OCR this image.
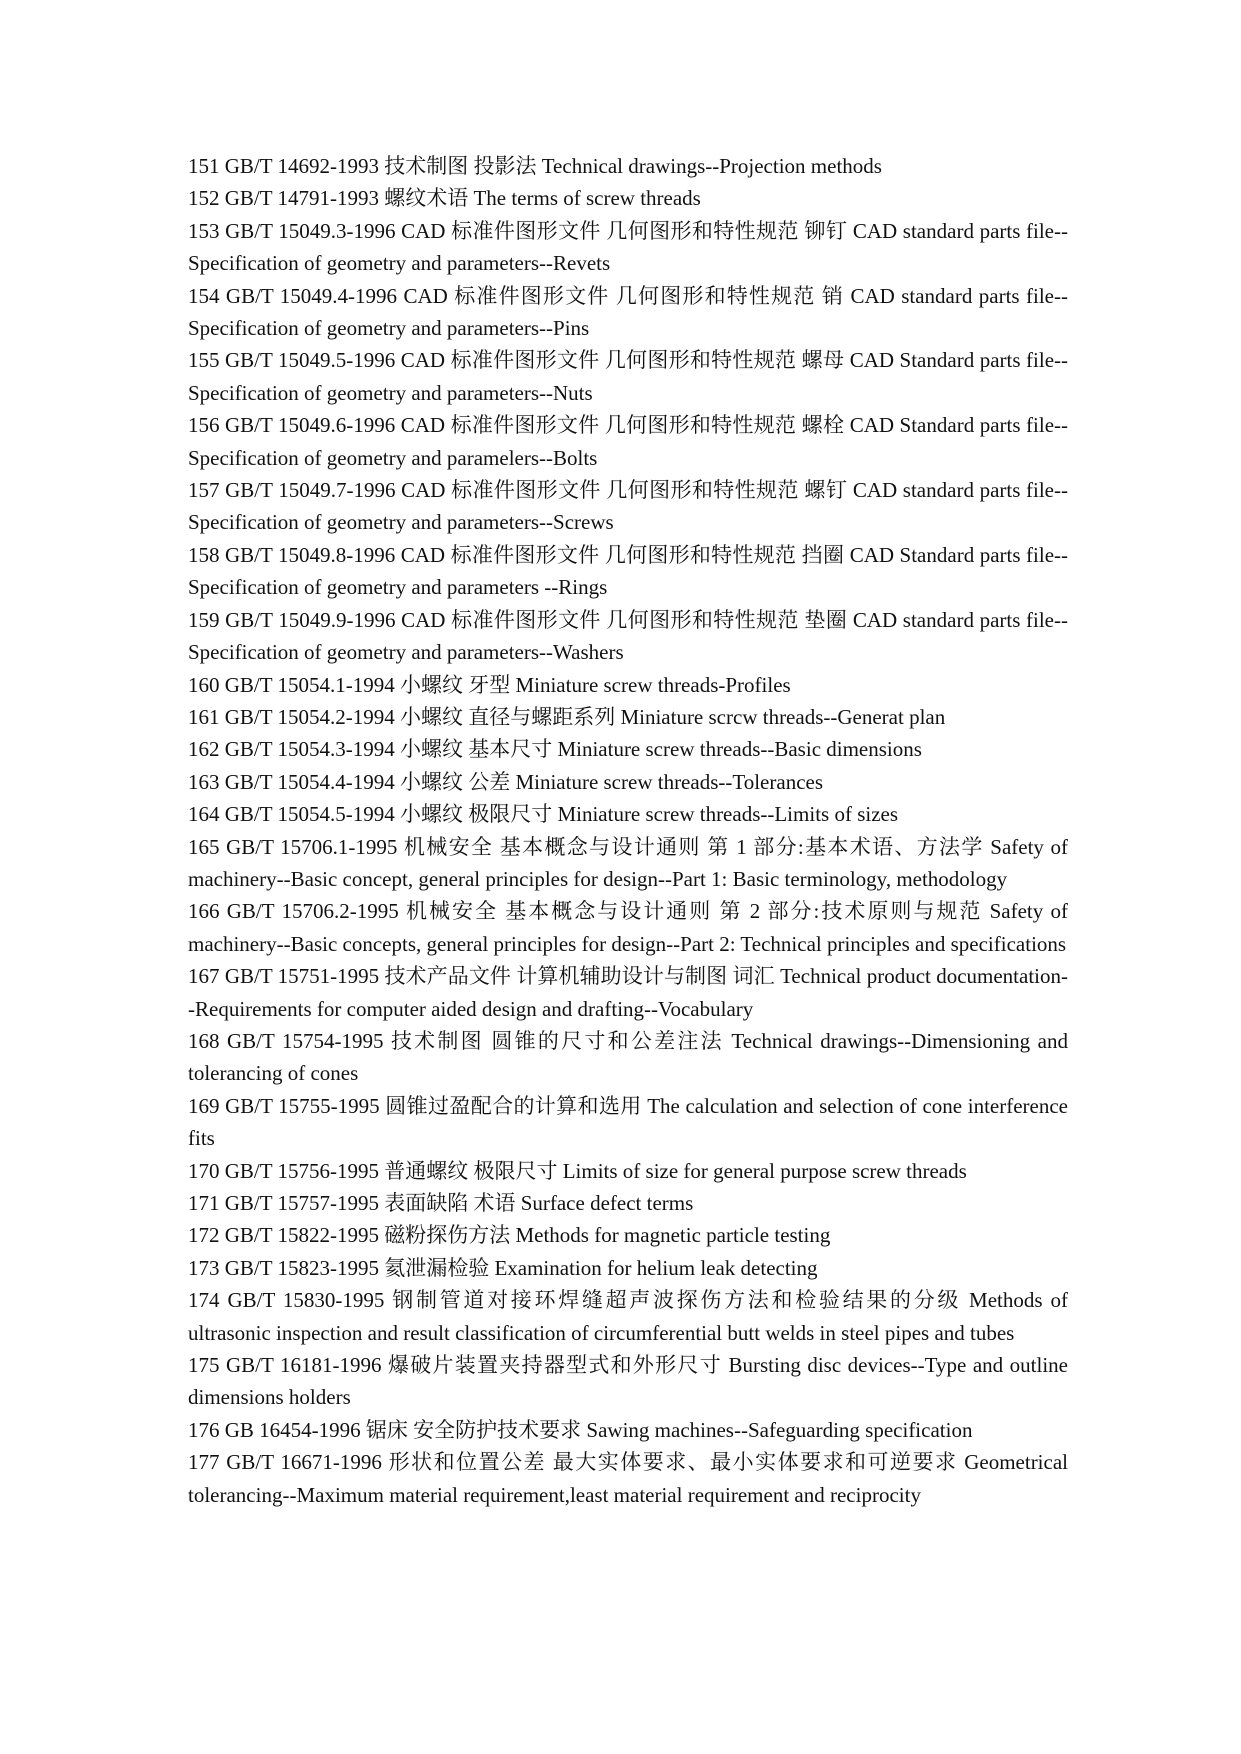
151 GB/T 14692-1993 技术制图 投影法 Technical drawings--Projection methods

152 GB/T 14791-1993 螺纹术语 The terms of screw threads

153 GB/T 15049.3-1996 CAD 标准件图形文件 几何图形和特性规范 铆钉 CAD standard parts file--Specification of geometry and parameters--Revets

154 GB/T 15049.4-1996 CAD 标准件图形文件 几何图形和特性规范 销 CAD standard parts file--Specification of geometry and parameters--Pins

155 GB/T 15049.5-1996 CAD 标准件图形文件 几何图形和特性规范 螺母 CAD Standard parts file--Specification of geometry and parameters--Nuts

156 GB/T 15049.6-1996 CAD 标准件图形文件 几何图形和特性规范 螺栓 CAD Standard parts file--Specification of geometry and paramelers--Bolts

157 GB/T 15049.7-1996 CAD 标准件图形文件 几何图形和特性规范 螺钉 CAD standard parts file--Specification of geometry and parameters--Screws

158 GB/T 15049.8-1996 CAD 标准件图形文件 几何图形和特性规范 挡圈 CAD Standard parts file--Specification of geometry and parameters --Rings

159 GB/T 15049.9-1996 CAD 标准件图形文件 几何图形和特性规范 垫圈 CAD standard parts file--Specification of geometry and parameters--Washers

160 GB/T 15054.1-1994 小螺纹 牙型 Miniature screw threads-Profiles

161 GB/T 15054.2-1994 小螺纹 直径与螺距系列 Miniature scrcw threads--Generat plan

162 GB/T 15054.3-1994 小螺纹 基本尺寸 Miniature screw threads--Basic dimensions

163 GB/T 15054.4-1994 小螺纹 公差 Miniature screw threads--Tolerances

164 GB/T 15054.5-1994 小螺纹 极限尺寸 Miniature screw threads--Limits of sizes

165 GB/T 15706.1-1995 机械安全 基本概念与设计通则 第 1 部分:基本术语、方法学 Safety of machinery--Basic concept, general principles for design--Part 1: Basic terminology, methodology

166 GB/T 15706.2-1995 机械安全 基本概念与设计通则 第 2 部分:技术原则与规范 Safety of machinery--Basic concepts, general principles for design--Part 2: Technical principles and specifications

167 GB/T 15751-1995 技术产品文件 计算机辅助设计与制图 词汇 Technical product documentation--Requirements for computer aided design and drafting--Vocabulary

168 GB/T 15754-1995 技术制图 圆锥的尺寸和公差注法 Technical drawings--Dimensioning and tolerancing of cones

169 GB/T 15755-1995 圆锥过盈配合的计算和选用 The calculation and selection of cone interference fits

170 GB/T 15756-1995 普通螺纹 极限尺寸 Limits of size for general purpose screw threads

171 GB/T 15757-1995 表面缺陷 术语 Surface defect terms

172 GB/T 15822-1995 磁粉探伤方法 Methods for magnetic particle testing

173 GB/T 15823-1995 氦泄漏检验 Examination for helium leak detecting

174 GB/T 15830-1995 钢制管道对接环焊缝超声波探伤方法和检验结果的分级 Methods of ultrasonic inspection and result classification of circumferential butt welds in steel pipes and tubes

175 GB/T 16181-1996 爆破片装置夹持器型式和外形尺寸 Bursting disc devices--Type and outline dimensions holders

176 GB 16454-1996 锯床 安全防护技术要求 Sawing machines--Safeguarding specification

177 GB/T 16671-1996 形状和位置公差 最大实体要求、最小实体要求和可逆要求 Geometrical tolerancing--Maximum material requirement,least material requirement and reciprocity
